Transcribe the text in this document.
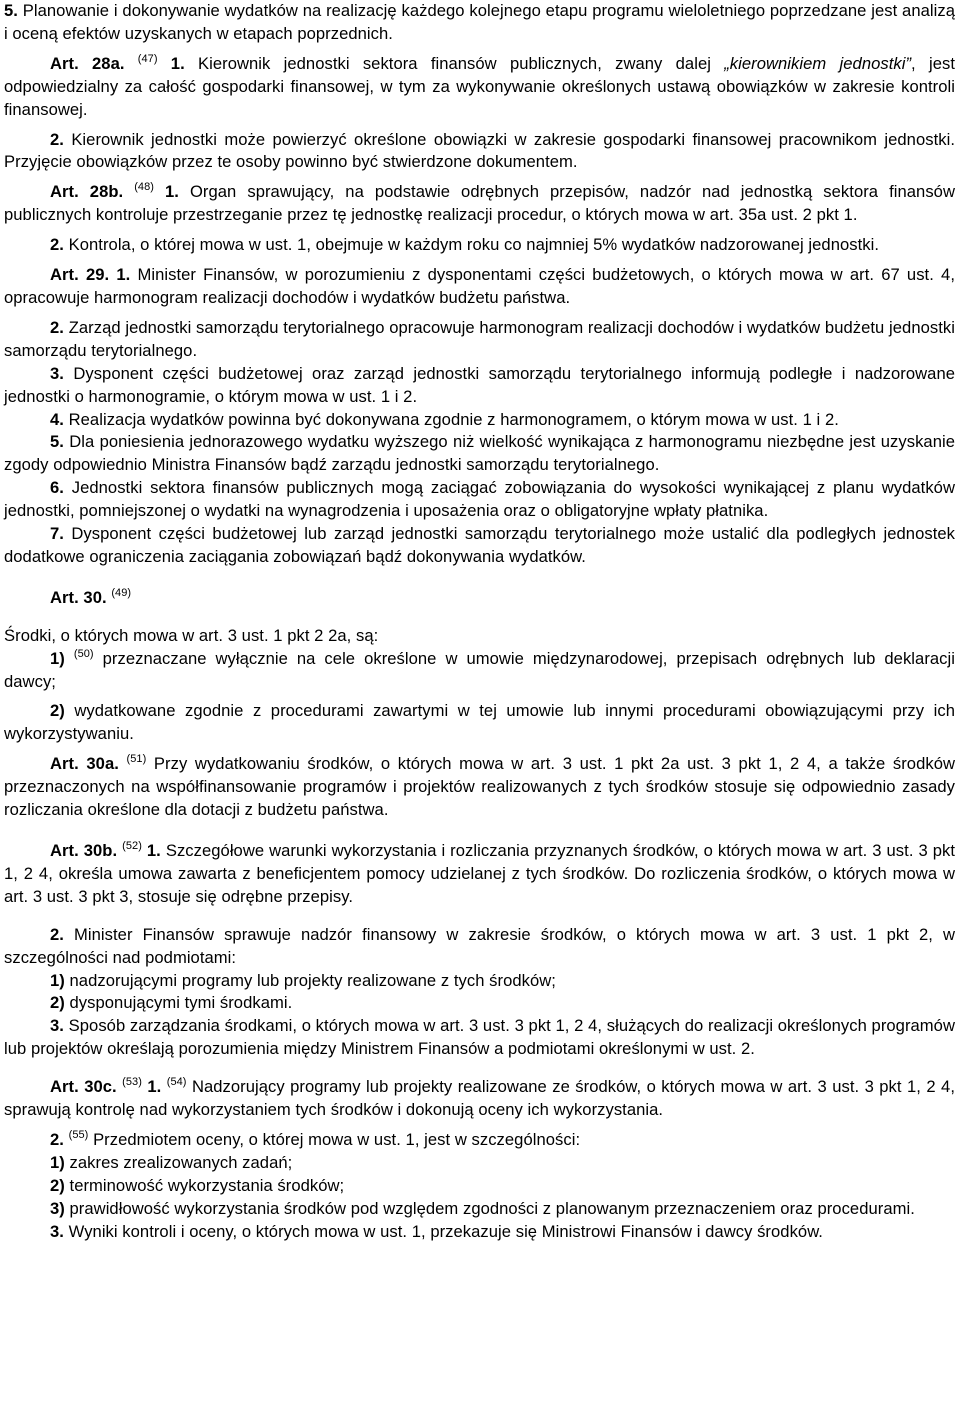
5. Planowanie i dokonywanie wydatków na realizację każdego kolejnego etapu programu wieloletniego poprzedzane jest analizą i oceną efektów uzyskanych w etapach poprzednich.

Art. 28a. $^{(47)}$ 1. Kierownik jednostki sektora finansów publicznych, zwany dalej „kierownikiem jednostki”, jest odpowiedzialny za całość gospodarki finansowej, w tym za wykonywanie określonych ustawą obowiązków w zakresie kontroli finansowej.

2. Kierownik jednostki może powierzyć określone obowiązki w zakresie gospodarki finansowej pracownikom jednostki. Przyjęcie obowiązków przez te osoby powinno być stwierdzone dokumentem.

Art. 28b. $^{(48)}$ 1. Organ sprawujący, na podstawie odrębnych przepisów, nadzór nad jednostką sektora finansów publicznych kontroluje przestrzeganie przez tę jednostkę realizacji procedur, o których mowa w art. 35a ust. 2 pkt 1.

2. Kontrola, o której mowa w ust. 1, obejmuje w każdym roku co najmniej 5% wydatków nadzorowanej jednostki.

Art. 29. 1. Minister Finansów, w porozumieniu z dysponentami części budżetowych, o których mowa w art. 67 ust. 4, opracowuje harmonogram realizacji dochodów i wydatków budżetu państwa.

2. Zarząd jednostki samorządu terytorialnego opracowuje harmonogram realizacji dochodów i wydatków budżetu jednostki samorządu terytorialnego.

3. Dysponent części budżetowej oraz zarząd jednostki samorządu terytorialnego informują podległe i nadzorowane jednostki o harmonogramie, o którym mowa w ust. 1 i 2.

4. Realizacja wydatków powinna być dokonywana zgodnie z harmonogramem, o którym mowa w ust. 1 i 2.

5. Dla poniesienia jednorazowego wydatku wyższego niż wielkość wynikająca z harmonogramu niezbędne jest uzyskanie zgody odpowiednio Ministra Finansów bądź zarządu jednostki samorządu terytorialnego.

6. Jednostki sektora finansów publicznych mogą zaciągać zobowiązania do wysokości wynikającej z planu wydatków jednostki, pomniejszonej o wydatki na wynagrodzenia i uposażenia oraz o obligatoryjne wpłaty płatnika.

7. Dysponent części budżetowej lub zarząd jednostki samorządu terytorialnego może ustalić dla podległych jednostek dodatkowe ograniczenia zaciągania zobowiązań bądź dokonywania wydatków.

Art. 30. $^{(49)}$

Środki, o których mowa w art. 3 ust. 1 pkt 2 2a, są:

1) $^{(50)}$ przeznaczane wyłącznie na cele określone w umowie międzynarodowej, przepisach odrębnych lub deklaracji dawcy;

2) wydatkowane zgodnie z procedurami zawartymi w tej umowie lub innymi procedurami obowiązującymi przy ich wykorzystywaniu.

Art. 30a. $^{(51)}$ Przy wydatkowaniu środków, o których mowa w art. 3 ust. 1 pkt 2a ust. 3 pkt 1, 2 4, a także środków przeznaczonych na współfinansowanie programów i projektów realizowanych z tych środków stosuje się odpowiednio zasady rozliczania określone dla dotacji z budżetu państwa.

Art. 30b. $^{(52)}$ 1. Szczegółowe warunki wykorzystania i rozliczania przyznanych środków, o których mowa w art. 3 ust. 3 pkt 1, 2 4, określa umowa zawarta z beneficjentem pomocy udzielanej z tych środków. Do rozliczenia środków, o których mowa w art. 3 ust. 3 pkt 3, stosuje się odrębne przepisy.

2. Minister Finansów sprawuje nadzór finansowy w zakresie środków, o których mowa w art. 3 ust. 1 pkt 2, w szczególności nad podmiotami:

1) nadzorującymi programy lub projekty realizowane z tych środków;

2) dysponującymi tymi środkami.

3. Sposób zarządzania środkami, o których mowa w art. 3 ust. 3 pkt 1, 2 4, służących do realizacji określonych programów lub projektów określają porozumienia między Ministrem Finansów a podmiotami określonymi w ust. 2.

Art. 30c. $^{(53)}$ 1. $^{(54)}$ Nadzorujący programy lub projekty realizowane ze środków, o których mowa w art. 3 ust. 3 pkt 1, 2 4, sprawują kontrolę nad wykorzystaniem tych środków i dokonują oceny ich wykorzystania.

2. $^{(55)}$ Przedmiotem oceny, o której mowa w ust. 1, jest w szczególności:

1) zakres zrealizowanych zadań;

2) terminowość wykorzystania środków;

3) prawidłowość wykorzystania środków pod względem zgodności z planowanym przeznaczeniem oraz procedurami.

3. Wyniki kontroli i oceny, o których mowa w ust. 1, przekazuje się Ministrowi Finansów i dawcy środków.
